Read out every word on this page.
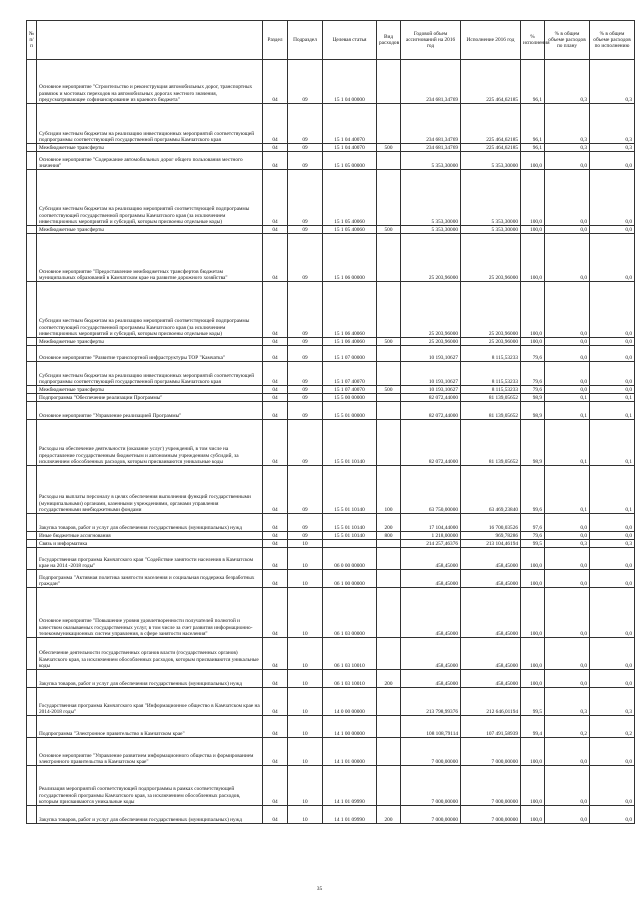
№ п/п		Раздел	Подраздел	Целевая статья	Вид расходов	Годовой объем ассигнований на 2016 год	Исполнение 2016 год	% исполнения	% в общем объеме расходов по плану	% в общем объеме расходов по исполнению
	Основное мероприятие "Строительство и реконструкция автомобильных дорог, транспортных развязок и мостовых переходов на автомобильных дорогах местного значения, предусматривающее софинансирование из краевого бюджета"	04	09	15 1 04 00000		234 681,34769	225 464,62185	96,1	0,3	0,3
	Субсидии местным бюджетам на реализацию инвестиционных мероприятий соответствующей подпрограммы соответствующей государственной программы Камчатского края	04	09	15 1 04 40070		234 681,34769	225 464,62185	96,1	0,3	0,3
	Межбюджетные трансферты	04	09	15 1 04 40070	500	234 681,34769	225 464,62185	96,1	0,3	0,3
	Основное мероприятие "Содержание автомобильных дорог общего пользования местного значения"	04	09	15 1 05 00000		5 353,30000	5 353,30000	100,0	0,0	0,0
	Субсидии местным бюджетам на реализацию мероприятий соответствующей подпрограммы соответствующей государственной программы Камчатского края (за исключением инвестиционных мероприятий и субсидий, которым присвоены отдельные коды)	04	09	15 1 05 40060		5 353,30000	5 353,30000	100,0	0,0	0,0
	Межбюджетные трансферты	04	09	15 1 05 40060	500	5 353,30000	5 353,30000	100,0	0,0	0,0
	Основное мероприятие "Предоставление межбюджетных трансфертов бюджетам муниципальных образований в Камчатском крае на развитие дорожного хозяйства"	04	09	15 1 06 00000		25 203,96000	25 203,96000	100,0	0,0	0,0
	Субсидии местным бюджетам на реализацию мероприятий соответствующей подпрограммы соответствующей государственной программы Камчатского края (за исключением инвестиционных мероприятий и субсидий, которым присвоены отдельные коды)	04	09	15 1 06 40060		25 203,96000	25 203,96000	100,0	0,0	0,0
	Межбюджетные трансферты	04	09	15 1 06 40060	500	25 203,96000	25 203,96000	100,0	0,0	0,0
	Основное мероприятие "Развитие транспортной инфраструктуры ТОР "Камчатка"	04	09	15 1 07 00000		10 193,10627	8 115,53233	79,6	0,0	0,0
	Субсидии местным бюджетам на реализацию инвестиционных мероприятий соответствующей подпрограммы соответствующей государственной программы Камчатского края	04	09	15 1 07 40070		10 193,10627	8 115,53233	79,6	0,0	0,0
	Межбюджетные трансферты	04	09	15 1 07 40070	500	10 193,10627	8 115,53233	79,6	0,0	0,0
	Подпрограмма "Обеспечение реализации Программы"	04	09	15 5 00 00000		82 072,44000	81 139,05652	98,9	0,1	0,1
	Основное мероприятие "Управление реализацией Программы"	04	09	15 5 01 00000		82 072,44000	81 139,05652	98,9	0,1	0,1
	Расходы на обеспечение деятельности (оказание услуг) учреждений, в том числе на предоставление государственным бюджетным и автономным учреждениям субсидий, за исключением обособленных расходов, которым присваиваются уникальные коды	04	09	15 5 01 10140		82 072,44000	81 139,05652	98,9	0,1	0,1
	Расходы на выплаты персоналу в целях обеспечения выполнения функций государственными (муниципальными) органами, казенными учреждениями, органами управления государственными внебюджетными фондами	04	09	15 5 01 10140	100	63 750,00000	63 469,23840	99,6	0,1	0,1
	Закупка товаров, работ и услуг для обеспечения государственных (муниципальных) нужд	04	09	15 5 01 10140	200	17 104,44000	16 700,03526	97,6	0,0	0,0
	Иные бюджетные ассигнования	04	09	15 5 01 10140	800	1 218,00000	969,78286	79,6	0,0	0,0
	Связь и информатика	04	10			214 257,46376	213 104,46194	99,5	0,3	0,3
	Государственная программа Камчатского края "Содействие занятости населения в Камчатском крае на 2014 -2018 годы"	04	10	06 0 00 00000		458,45000	458,45000	100,0	0,0	0,0
	Подпрограмма "Активная политика занятости населения и социальная поддержка безработных граждан"	04	10	06 1 00 00000		458,45000	458,45000	100,0	0,0	0,0
	Основное мероприятие "Повышение уровня удовлетворенности получателей полнотой и качеством оказываемых государственных услуг, в том числе за счет развития информационно-телекоммуникационных систем управления, в сфере занятости населения"	04	10	06 1 03 00000		458,45000	458,45000	100,0	0,0	0,0
	Обеспечение деятельности государственных органов власти (государственных органов) Камчатского края, за исключением обособленных расходов, которым присваиваются уникальные коды	04	10	06 1 03 10010		458,45000	458,45000	100,0	0,0	0,0
	Закупка товаров, работ и услуг для обеспечения государственных (муниципальных) нужд	04	10	06 1 03 10010	200	458,45000	458,45000	100,0	0,0	0,0
	Государственная программа Камчатского края "Информационное общество в Камчатском крае на 2014-2018 годы"	04	10	14 0 00 00000		213 798,99376	212 646,01194	99,5	0,3	0,3
	Подпрограмма "Электронное правительство в Камчатском крае"	04	10	14 1 00 00000		108 108,79114	107 491,58939	99,4	0,2	0,2
	Основное мероприятие "Управление развитием информационного общества и формированием электронного правительства в Камчатском крае"	04	10	14 1 01 00000		7 000,00000	7 000,00000	100,0	0,0	0,0
	Реализация мероприятий соответствующей подпрограммы в рамках соответствующей государственной программы Камчатского края, за исключением обособленных расходов, которым присваиваются уникальные коды	04	10	14 1 01 09990		7 000,00000	7 000,00000	100,0	0,0	0,0
	Закупка товаров, работ и услуг для обеспечения государственных (муниципальных) нужд	04	10	14 1 01 09990	200	7 000,00000	7 000,00000	100,0	0,0	0,0
35
